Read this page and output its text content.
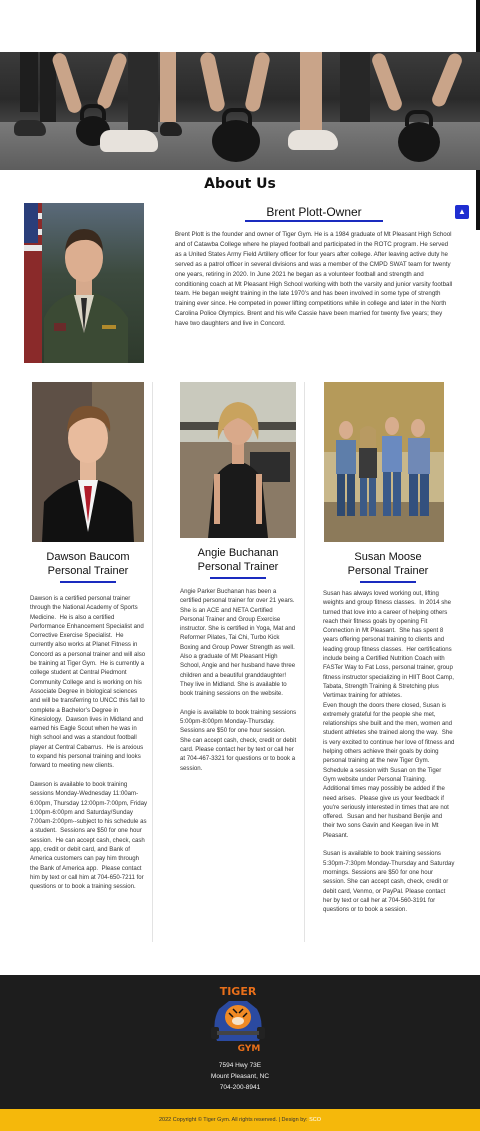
About Us
Brent Plott-Owner
Brent Plott is the founder and owner of Tiger Gym. He is a 1984 graduate of Mt Pleasant High School and of Catawba College where he played football and participated in the ROTC program. He served as a United States Army Field Artillery officer for four years after college. After leaving active duty he served as a patrol officer in several divisions and was a member of the CMPD SWAT team for twenty one years, retiring in 2020. In June 2021 he began as a volunteer football and strength and conditioning coach at Mt Pleasant High School working with both the varsity and junior varsity football team. He began weight training in the late 1970’s and has been involved in some type of strength training ever since. He competed in power lifting competitions while in college and later in the North Carolina Police Olympics. Brent and his wife Cassie have been married for twenty five years; they have two daughters and live in Concord.
▲
Dawson Baucom
Personal Trainer
Dawson is a certified personal trainer through the National Academy of Sports Medicine.  He is also a certified Performance Enhancement Specialist and Corrective Exercise Specialist.  He currently also works at Planet Fitness in Concord as a personal trainer and will also be training at Tiger Gym.  He is currently a college student at Central Piedmont Community College and is working on his Associate Degree in biological sciences and will be transferring to UNCC this fall to complete a Bachelor’s Degree in Kinesiology.  Dawson lives in Midland and earned his Eagle Scout when he was in high school and was a standout football player at Central Cabarrus.  He is anxious to expand his personal training and looks forward to meeting new clients.

Dawson is available to book training sessions Monday-Wednesday 11:00am-6:00pm, Thursday 12:00pm-7:00pm, Friday 1:00pm-6:00pm and Saturday/Sunday 7:00am-2:00pm--subject to his schedule as a student.  Sessions are $50 for one hour session.  He can accept cash, check, cash app, credit or debit card, and Bank of America customers can pay him through the Bank of America app.  Please contact him by text or call him at 704-650-7211 for questions or to book a training session.
Angie Buchanan
Personal Trainer
Angie Parker Buchanan has been a certified personal trainer for over 21 years. She is an ACE and NETA Certified Personal Trainer and Group Exercise instructor. She is certified in Yoga, Mat and Reformer Pilates, Tai Chi, Turbo Kick Boxing and Group Power Strength as well. Also a graduate of Mt Pleasant High School, Angie and her husband have three children and a beautiful granddaughter! They live in Midland. She is available to book training sessions on the website.

Angie is available to book training sessions 5:00pm-8:00pm Monday-Thursday. Sessions are $50 for one hour session. She can accept cash, check, credit or debit card. Please contact her by text or call her at 704-467-3321 for questions or to book a session.
Susan Moose
Personal Trainer
Susan has always loved working out, lifting weights and group fitness classes.  In 2014 she turned that love into a career of helping others reach their fitness goals by opening Fit Connection in Mt Pleasant.  She has spent 8 years offering personal training to clients and leading group fitness classes.  Her certifications include being a Certified Nutrition Coach with FASTer Way to Fat Loss, personal trainer, group fitness instructor specializing in HIIT Boot Camp, Tabata, Strength Training & Stretching plus Vertimax training for athletes.
Even though the doors there closed, Susan is extremely grateful for the people she met, relationships she built and the men, women and student athletes she trained along the way.  She is very excited to continue her love of fitness and helping others achieve their goals by doing personal training at the new Tiger Gym.  Schedule a session with Susan on the Tiger Gym website under Personal Training.  Additional times may possibly be added if the need arises.  Please give us your feedback if you're seriously interested in times that are not offered.  Susan and her husband Benjie and their two sons Gavin and Keegan live in Mt Pleasant.

Susan is available to book training sessions 5:30pm-7:30pm Monday-Thursday and Saturday mornings. Sessions are $50 for one hour session. She can accept cash, check, credit or debit card, Venmo, or PayPal. Please contact her by text or call her at 704-560-3191 for questions or to book a session.
TIGER
GYM
7594 Hwy 73E
Mount Pleasant, NC
704-200-8941
2022 Copyright © Tiger Gym. All rights reserved. | Design by: SCO
